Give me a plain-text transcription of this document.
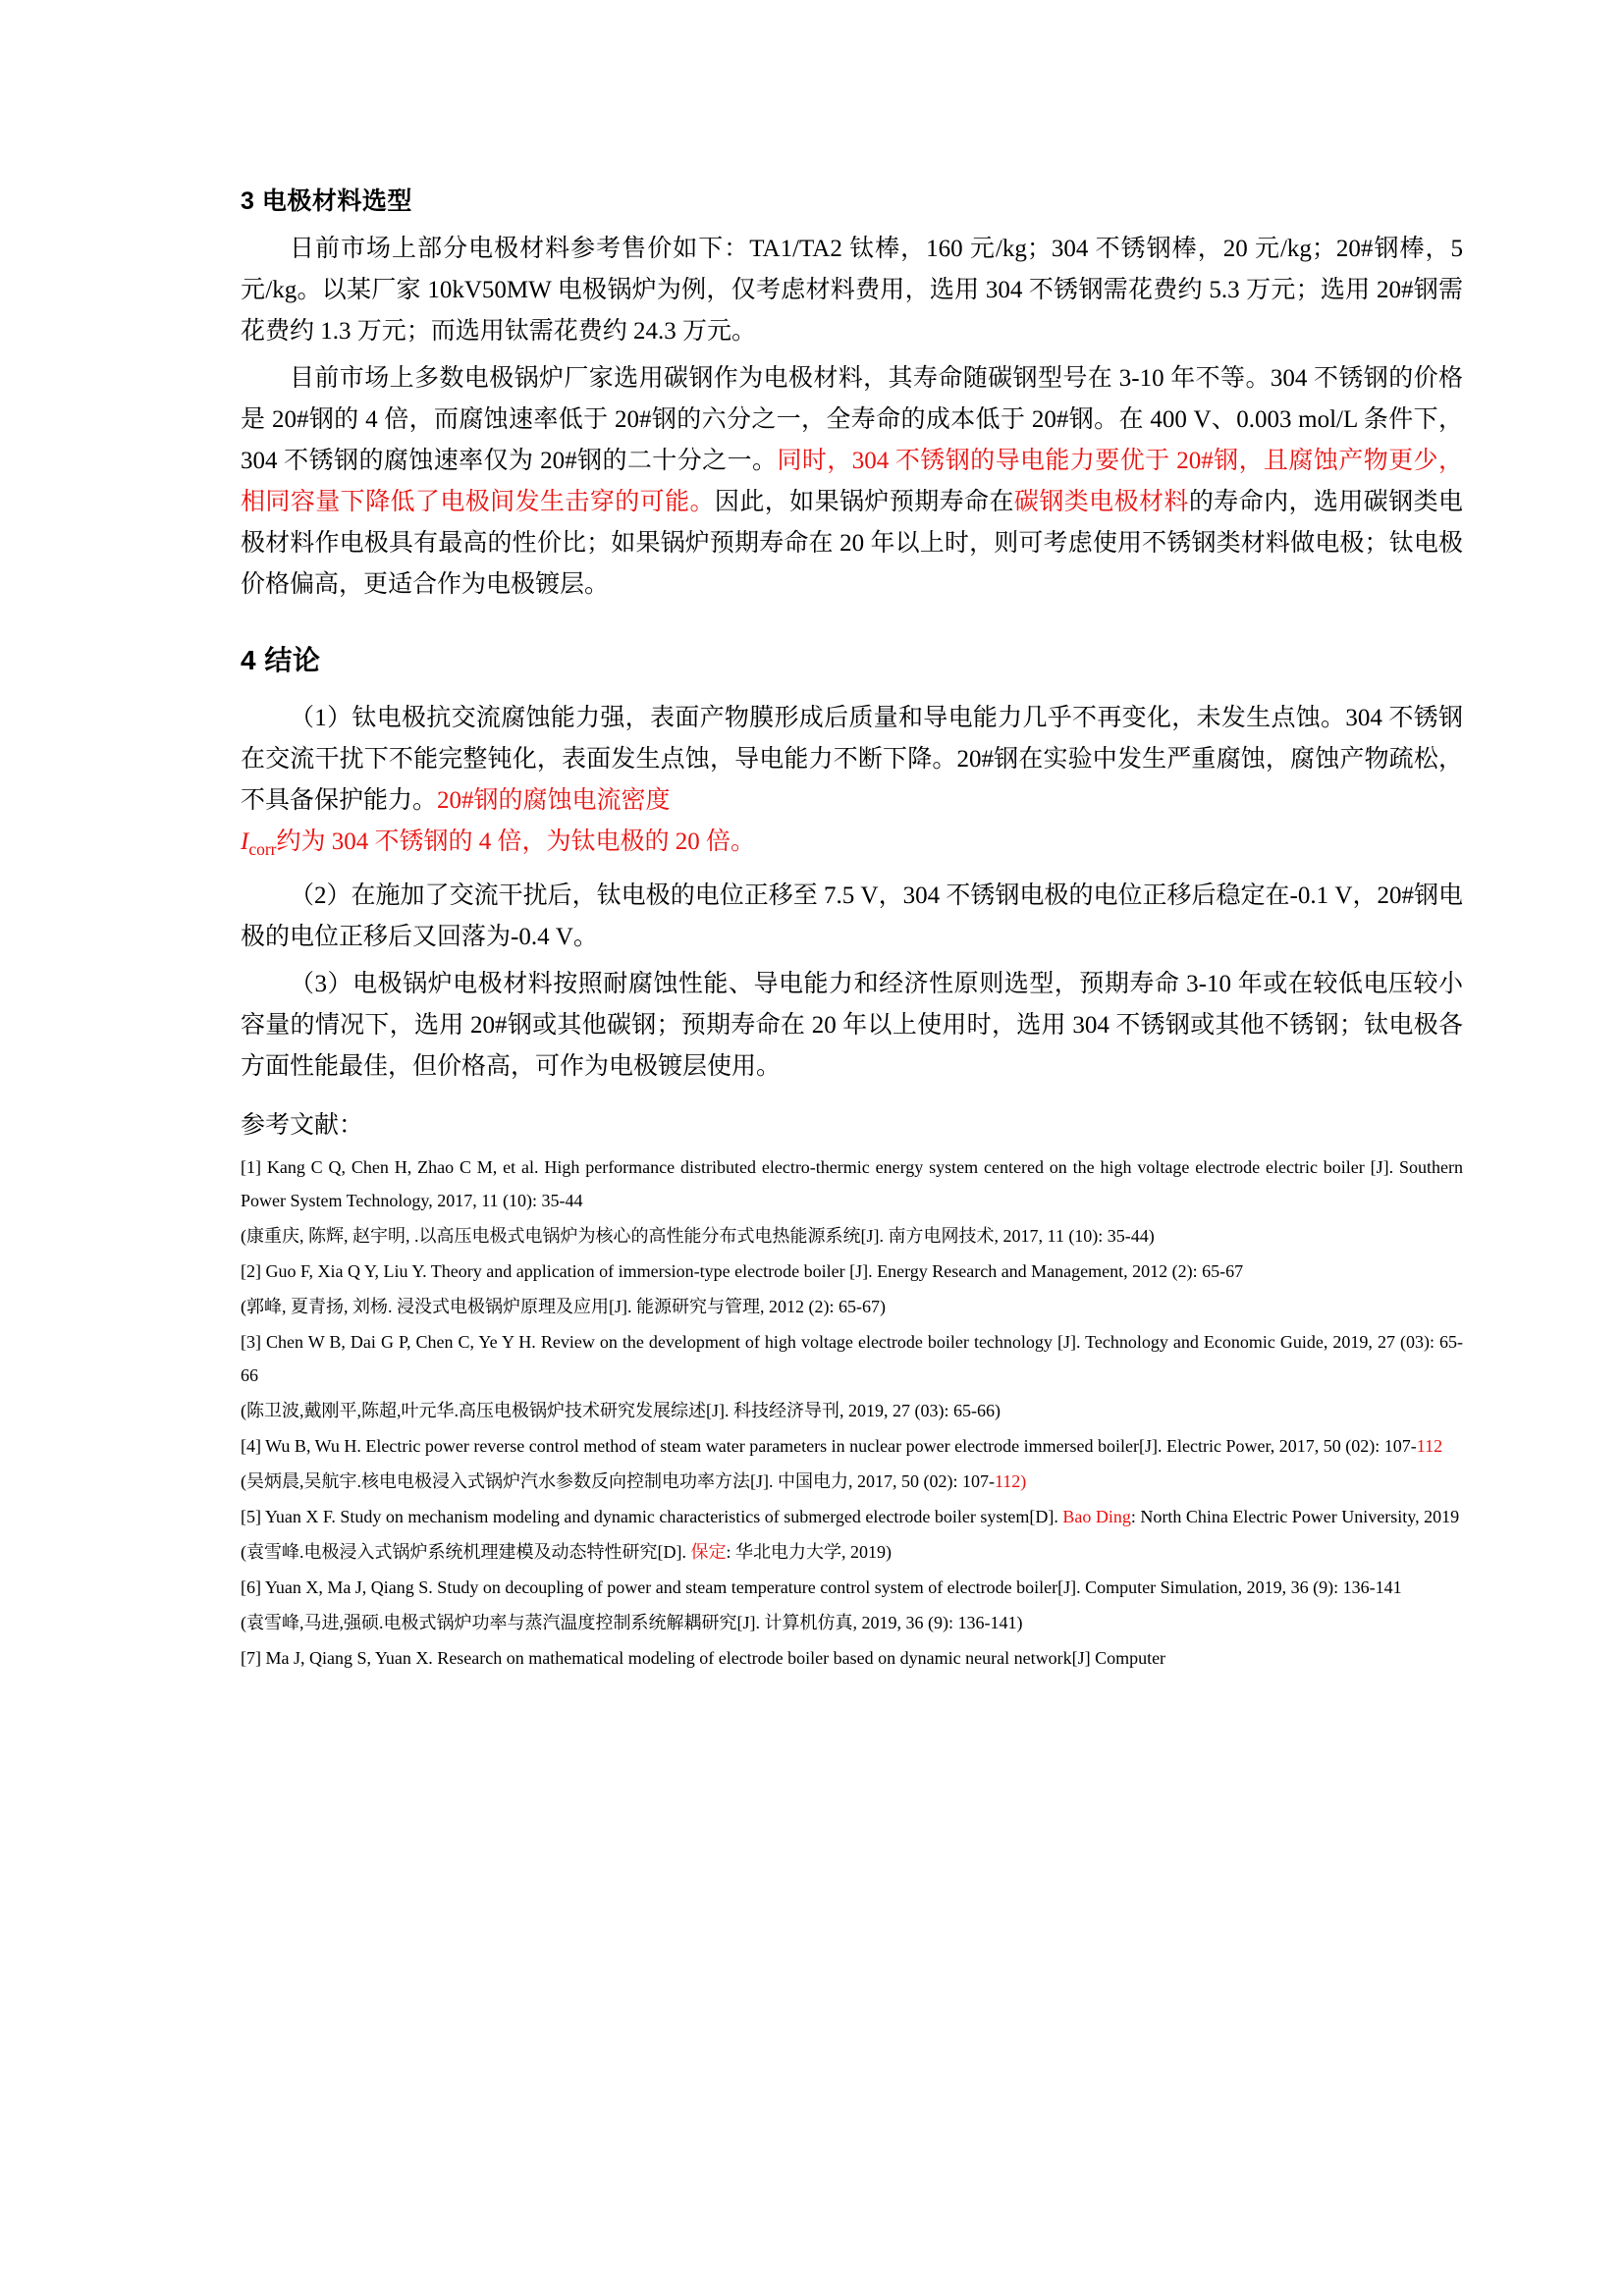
3 电极材料选型

日前市场上部分电极材料参考售价如下：TA1/TA2 钛棒，160 元/kg；304 不锈钢棒，20 元/kg；20#钢棒，5 元/kg。以某厂家 10kV50MW 电极锅炉为例，仅考虑材料费用，选用 304 不锈钢需花费约 5.3 万元；选用 20#钢需花费约 1.3 万元；而选用钛需花费约 24.3 万元。

目前市场上多数电极锅炉厂家选用碳钢作为电极材料，其寿命随碳钢型号在 3-10 年不等。304 不锈钢的价格是 20#钢的 4 倍，而腐蚀速率低于 20#钢的六分之一，全寿命的成本低于 20#钢。在 400 V、0.003 mol/L 条件下，304 不锈钢的腐蚀速率仅为 20#钢的二十分之一。同时，304 不锈钢的导电能力要优于 20#钢，且腐蚀产物更少，相同容量下降低了电极间发生击穿的可能。因此，如果锅炉预期寿命在碳钢类电极材料的寿命内，选用碳钢类电极材料作电极具有最高的性价比；如果锅炉预期寿命在 20 年以上时，则可考虑使用不锈钢类材料做电极；钛电极价格偏高，更适合作为电极镀层。

4 结论

（1）钛电极抗交流腐蚀能力强，表面产物膜形成后质量和导电能力几乎不再变化，未发生点蚀。304 不锈钢在交流干扰下不能完整钝化，表面发生点蚀，导电能力不断下降。20#钢在实验中发生严重腐蚀，腐蚀产物疏松，不具备保护能力。20#钢的腐蚀电流密度
$I_{corr}$约为 304 不锈钢的 4 倍，为钛电极的 20 倍。

（2）在施加了交流干扰后，钛电极的电位正移至 7.5 V，304 不锈钢电极的电位正移后稳定在-0.1 V，20#钢电极的电位正移后又回落为-0.4 V。

（3）电极锅炉电极材料按照耐腐蚀性能、导电能力和经济性原则选型，预期寿命 3-10 年或在较低电压较小容量的情况下，选用 20#钢或其他碳钢；预期寿命在 20 年以上使用时，选用 304 不锈钢或其他不锈钢；钛电极各方面性能最佳，但价格高，可作为电极镀层使用。

参考文献：

[1] Kang C Q, Chen H, Zhao C M, et al. High performance distributed electro-thermic energy system centered on the high voltage electrode electric boiler [J]. Southern Power System Technology, 2017, 11 (10): 35-44

(康重庆, 陈辉, 赵宇明, .以高压电极式电锅炉为核心的高性能分布式电热能源系统[J]. 南方电网技术, 2017, 11 (10): 35-44)

[2] Guo F, Xia Q Y, Liu Y. Theory and application of immersion-type electrode boiler [J]. Energy Research and Management, 2012 (2): 65-67

(郭峰, 夏青扬, 刘杨. 浸没式电极锅炉原理及应用[J]. 能源研究与管理, 2012 (2): 65-67)

[3] Chen W B, Dai G P, Chen C, Ye Y H. Review on the development of high voltage electrode boiler technology [J]. Technology and Economic Guide, 2019, 27 (03): 65-66

(陈卫波,戴刚平,陈超,叶元华.高压电极锅炉技术研究发展综述[J]. 科技经济导刊, 2019, 27 (03): 65-66)

[4] Wu B, Wu H. Electric power reverse control method of steam water parameters in nuclear power electrode immersed boiler[J]. Electric Power, 2017, 50 (02): 107-112

(吴炳晨,吴航宇.核电电极浸入式锅炉汽水参数反向控制电功率方法[J]. 中国电力, 2017, 50 (02): 107-112)

[5] Yuan X F. Study on mechanism modeling and dynamic characteristics of submerged electrode boiler system[D]. Bao Ding: North China Electric Power University, 2019

(袁雪峰.电极浸入式锅炉系统机理建模及动态特性研究[D]. 保定: 华北电力大学, 2019)

[6] Yuan X, Ma J, Qiang S. Study on decoupling of power and steam temperature control system of electrode boiler[J]. Computer Simulation, 2019, 36 (9): 136-141

(袁雪峰,马进,强硕.电极式锅炉功率与蒸汽温度控制系统解耦研究[J]. 计算机仿真, 2019, 36 (9): 136-141)

[7] Ma J, Qiang S, Yuan X. Research on mathematical modeling of electrode boiler based on dynamic neural network[J] Computer
